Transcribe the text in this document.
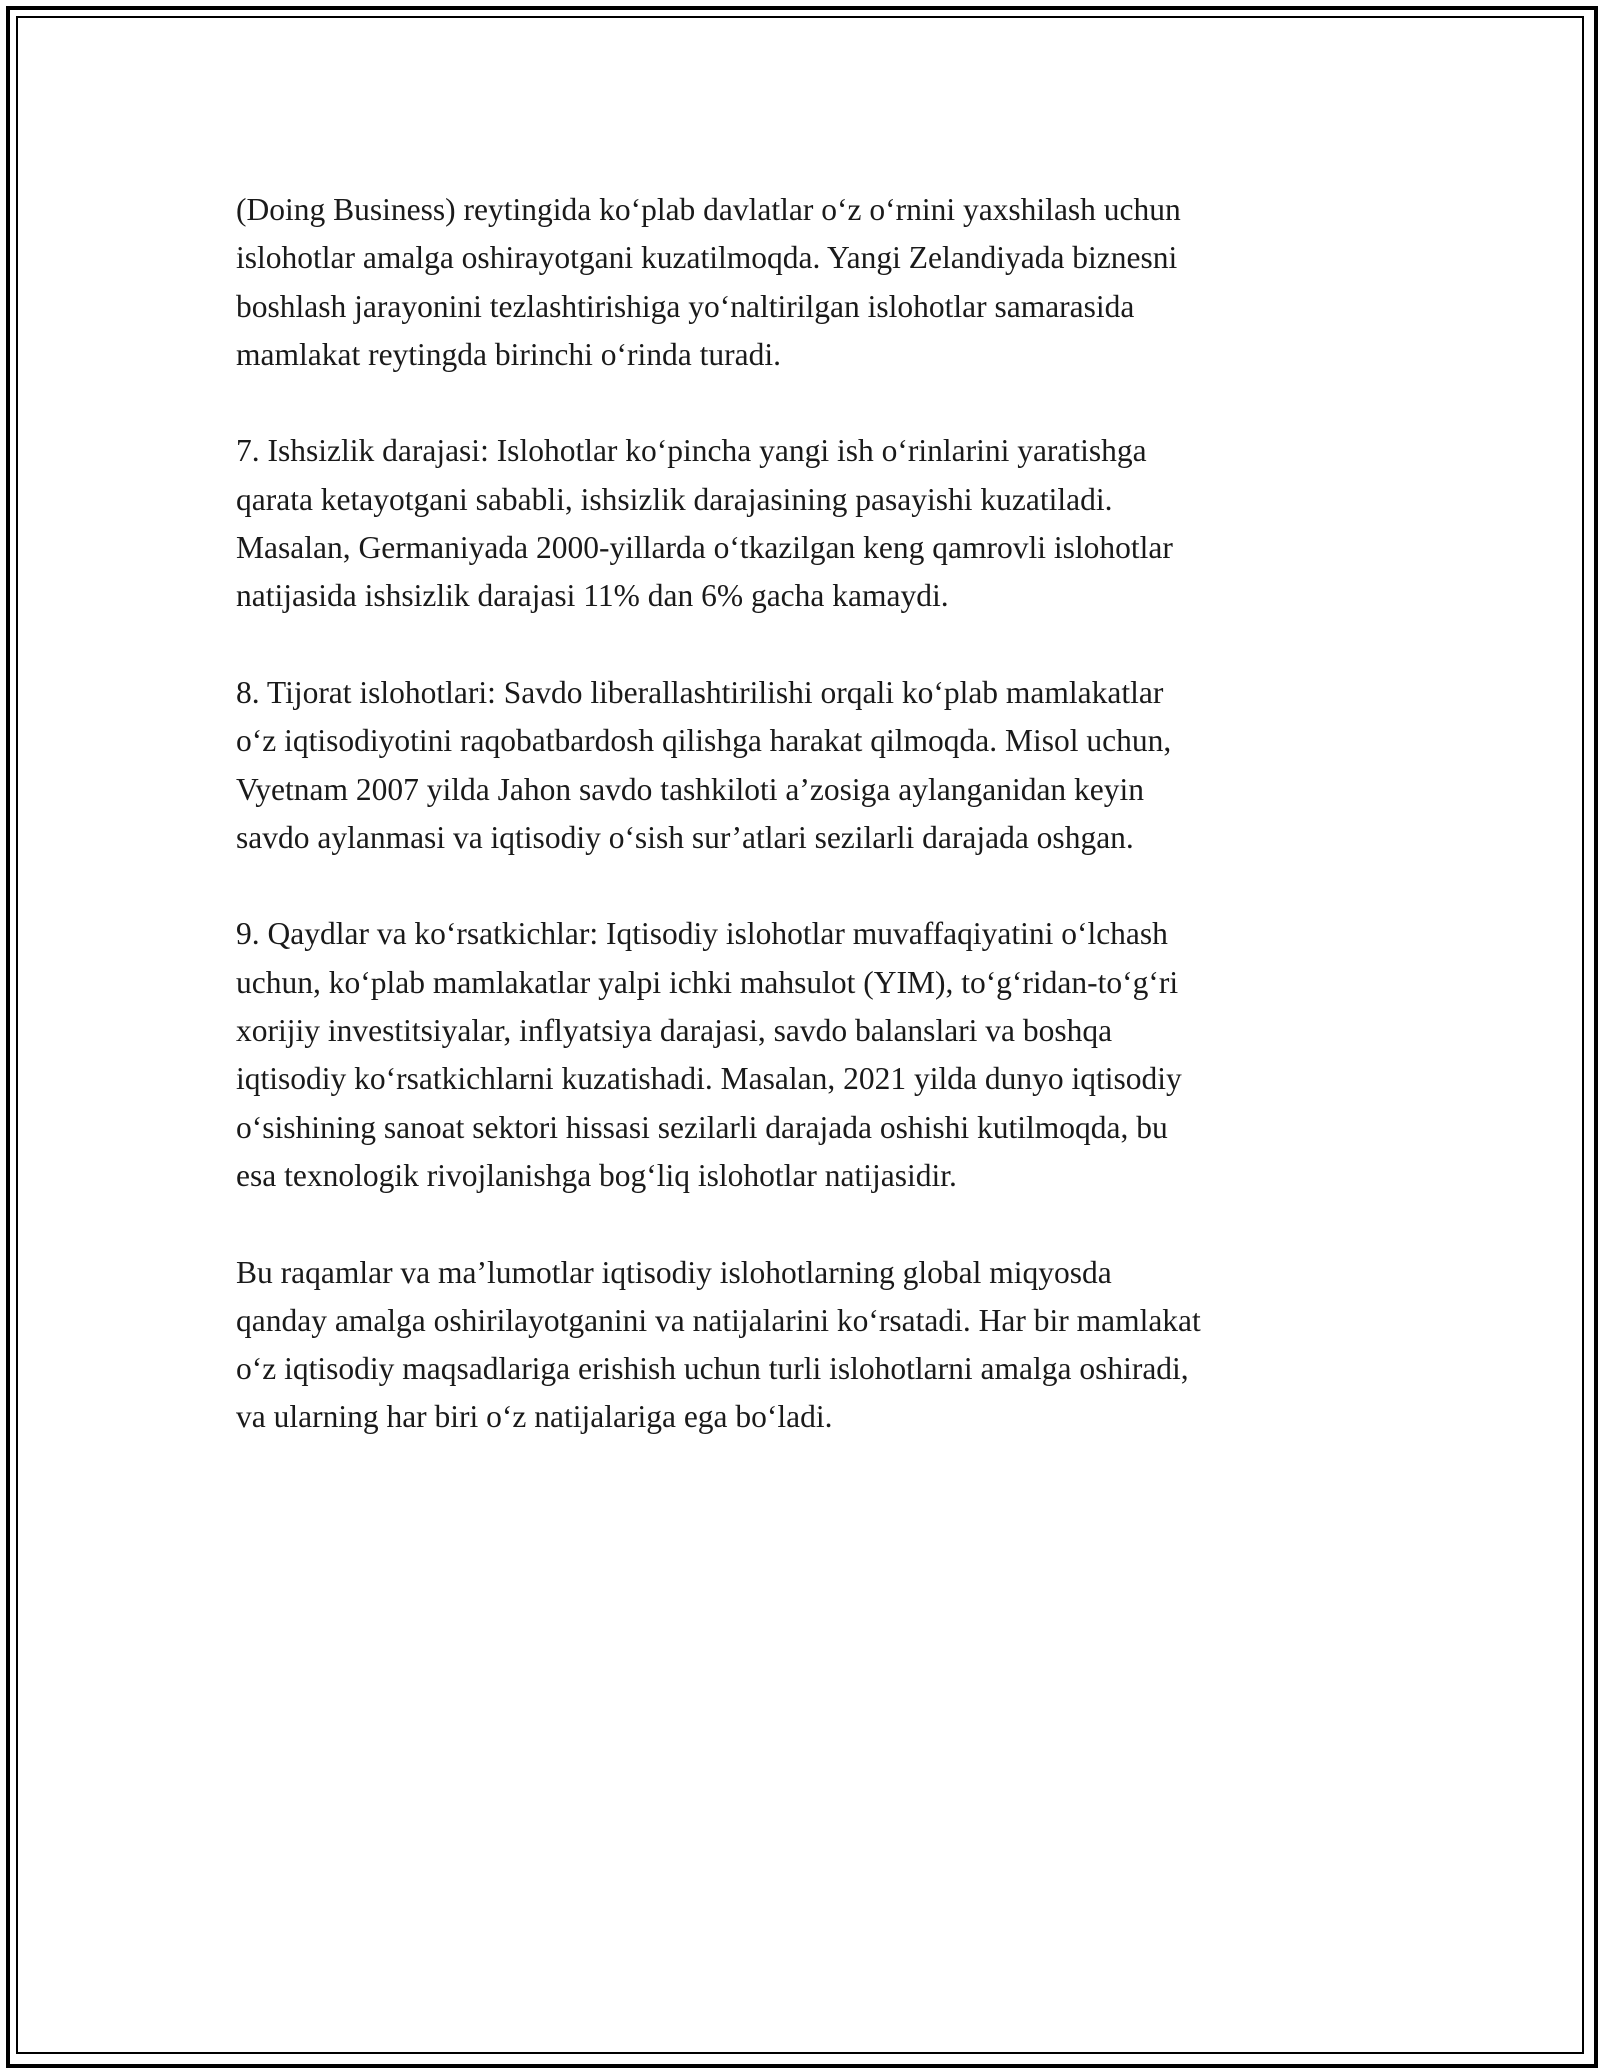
(Doing Business) reytingida ko‘plab davlatlar o‘z o‘rnini yaxshilash uchun
islohotlar amalga oshirayotgani kuzatilmoqda. Yangi Zelandiyada biznesni
boshlash jarayonini tezlashtirishiga yo‘naltirilgan islohotlar samarasida
mamlakat reytingda birinchi o‘rinda turadi.

7. Ishsizlik darajasi: Islohotlar ko‘pincha yangi ish o‘rinlarini yaratishga
qarata ketayotgani sababli, ishsizlik darajasining pasayishi kuzatiladi.
Masalan, Germaniyada 2000-yillarda o‘tkazilgan keng qamrovli islohotlar
natijasida ishsizlik darajasi 11% dan 6% gacha kamaydi.

8. Tijorat islohotlari: Savdo liberallashtirilishi orqali ko‘plab mamlakatlar
o‘z iqtisodiyotini raqobatbardosh qilishga harakat qilmoqda. Misol uchun,
Vyetnam 2007 yilda Jahon savdo tashkiloti a’zosiga aylanganidan keyin
savdo aylanmasi va iqtisodiy o‘sish sur’atlari sezilarli darajada oshgan.

9. Qaydlar va ko‘rsatkichlar: Iqtisodiy islohotlar muvaffaqiyatini o‘lchash
uchun, ko‘plab mamlakatlar yalpi ichki mahsulot (YIM), to‘g‘ridan-to‘g‘ri
xorijiy investitsiyalar, inflyatsiya darajasi, savdo balanslari va boshqa
iqtisodiy ko‘rsatkichlarni kuzatishadi. Masalan, 2021 yilda dunyo iqtisodiy
o‘sishining sanoat sektori hissasi sezilarli darajada oshishi kutilmoqda, bu
esa texnologik rivojlanishga bog‘liq islohotlar natijasidir.

Bu raqamlar va ma’lumotlar iqtisodiy islohotlarning global miqyosda
qanday amalga oshirilayotganini va natijalarini ko‘rsatadi. Har bir mamlakat
o‘z iqtisodiy maqsadlariga erishish uchun turli islohotlarni amalga oshiradi,
va ularning har biri o‘z natijalariga ega bo‘ladi.
